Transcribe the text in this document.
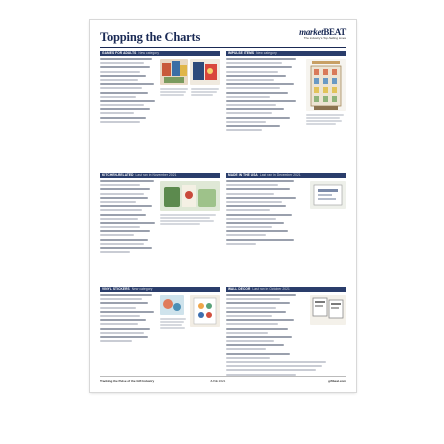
Topping the Charts	marketBEAT
The industry's Top-Selling Lines
GAMES FOR ADULTS New category
KITCHEN-RELATED Last ran in November 2021
VINYL STICKERS New category
IMPULSE ITEMS New category
MADE IN THE USA Last ran in December 2021
WALL DECOR Last ran in October 2021
Tracking the Pulse of the Gift Industry	JUNE 2021	giftbeat.com
